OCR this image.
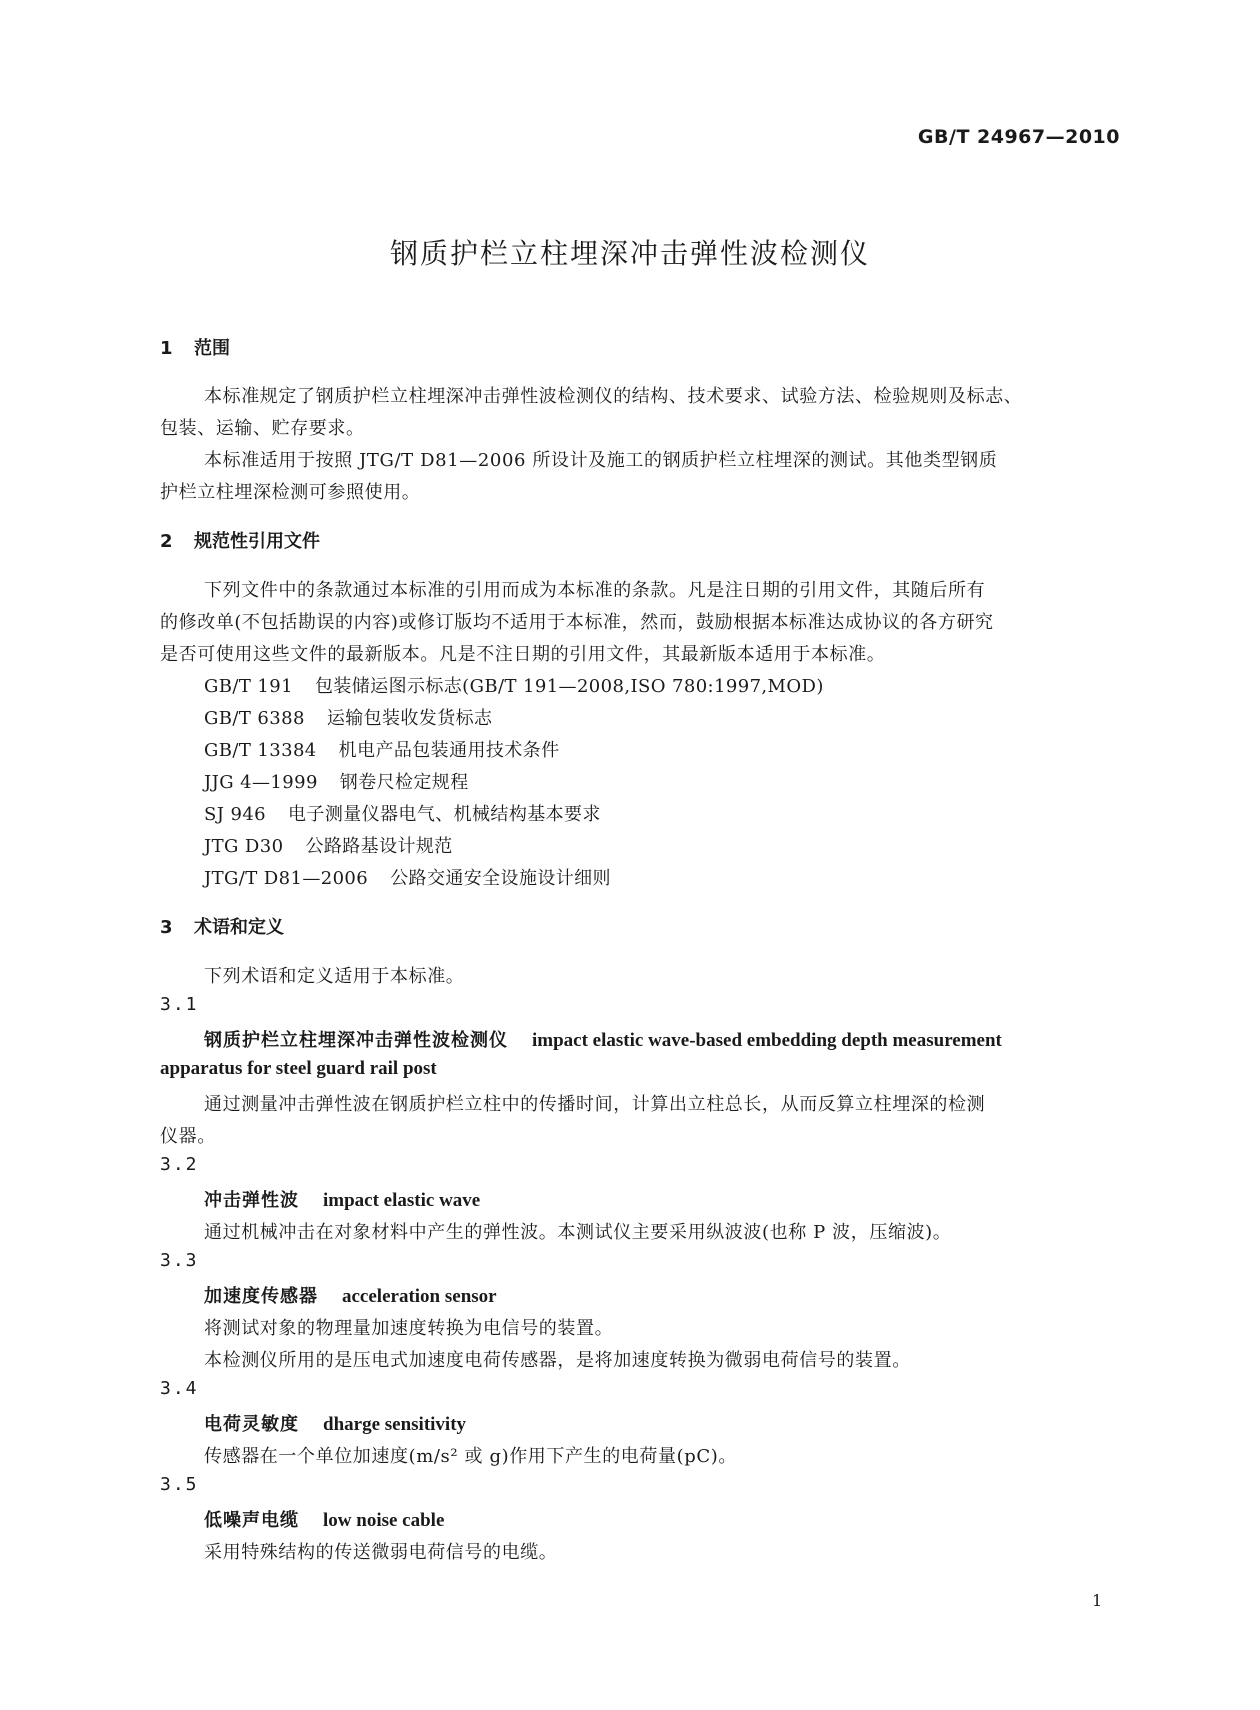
GB/T 24967—2010
钢质护栏立柱埋深冲击弹性波检测仪
1 范围
本标准规定了钢质护栏立柱埋深冲击弹性波检测仪的结构、技术要求、试验方法、检验规则及标志、
包装、运输、贮存要求。
本标准适用于按照 JTG/T D81—2006 所设计及施工的钢质护栏立柱埋深的测试。其他类型钢质
护栏立柱埋深检测可参照使用。
2 规范性引用文件
下列文件中的条款通过本标准的引用而成为本标准的条款。凡是注日期的引用文件，其随后所有
的修改单(不包括勘误的内容)或修订版均不适用于本标准，然而，鼓励根据本标准达成协议的各方研究
是否可使用这些文件的最新版本。凡是不注日期的引用文件，其最新版本适用于本标准。
GB/T 191 包装储运图示标志(GB/T 191—2008,ISO 780:1997,MOD)
GB/T 6388 运输包装收发货标志
GB/T 13384 机电产品包装通用技术条件
JJG 4—1999 钢卷尺检定规程
SJ 946 电子测量仪器电气、机械结构基本要求
JTG D30 公路路基设计规范
JTG/T D81—2006 公路交通安全设施设计细则
3 术语和定义
下列术语和定义适用于本标准。
3.1
钢质护栏立柱埋深冲击弹性波检测仪 impact elastic wave-based embedding depth measurement
apparatus for steel guard rail post
通过测量冲击弹性波在钢质护栏立柱中的传播时间，计算出立柱总长，从而反算立柱埋深的检测
仪器。
3.2
冲击弹性波 impact elastic wave
通过机械冲击在对象材料中产生的弹性波。本测试仪主要采用纵波波(也称 P 波，压缩波)。
3.3
加速度传感器 acceleration sensor
将测试对象的物理量加速度转换为电信号的装置。
本检测仪所用的是压电式加速度电荷传感器，是将加速度转换为微弱电荷信号的装置。
3.4
电荷灵敏度 dharge sensitivity
传感器在一个单位加速度(m/s² 或 g)作用下产生的电荷量(pC)。
3.5
低噪声电缆 low noise cable
采用特殊结构的传送微弱电荷信号的电缆。
1
